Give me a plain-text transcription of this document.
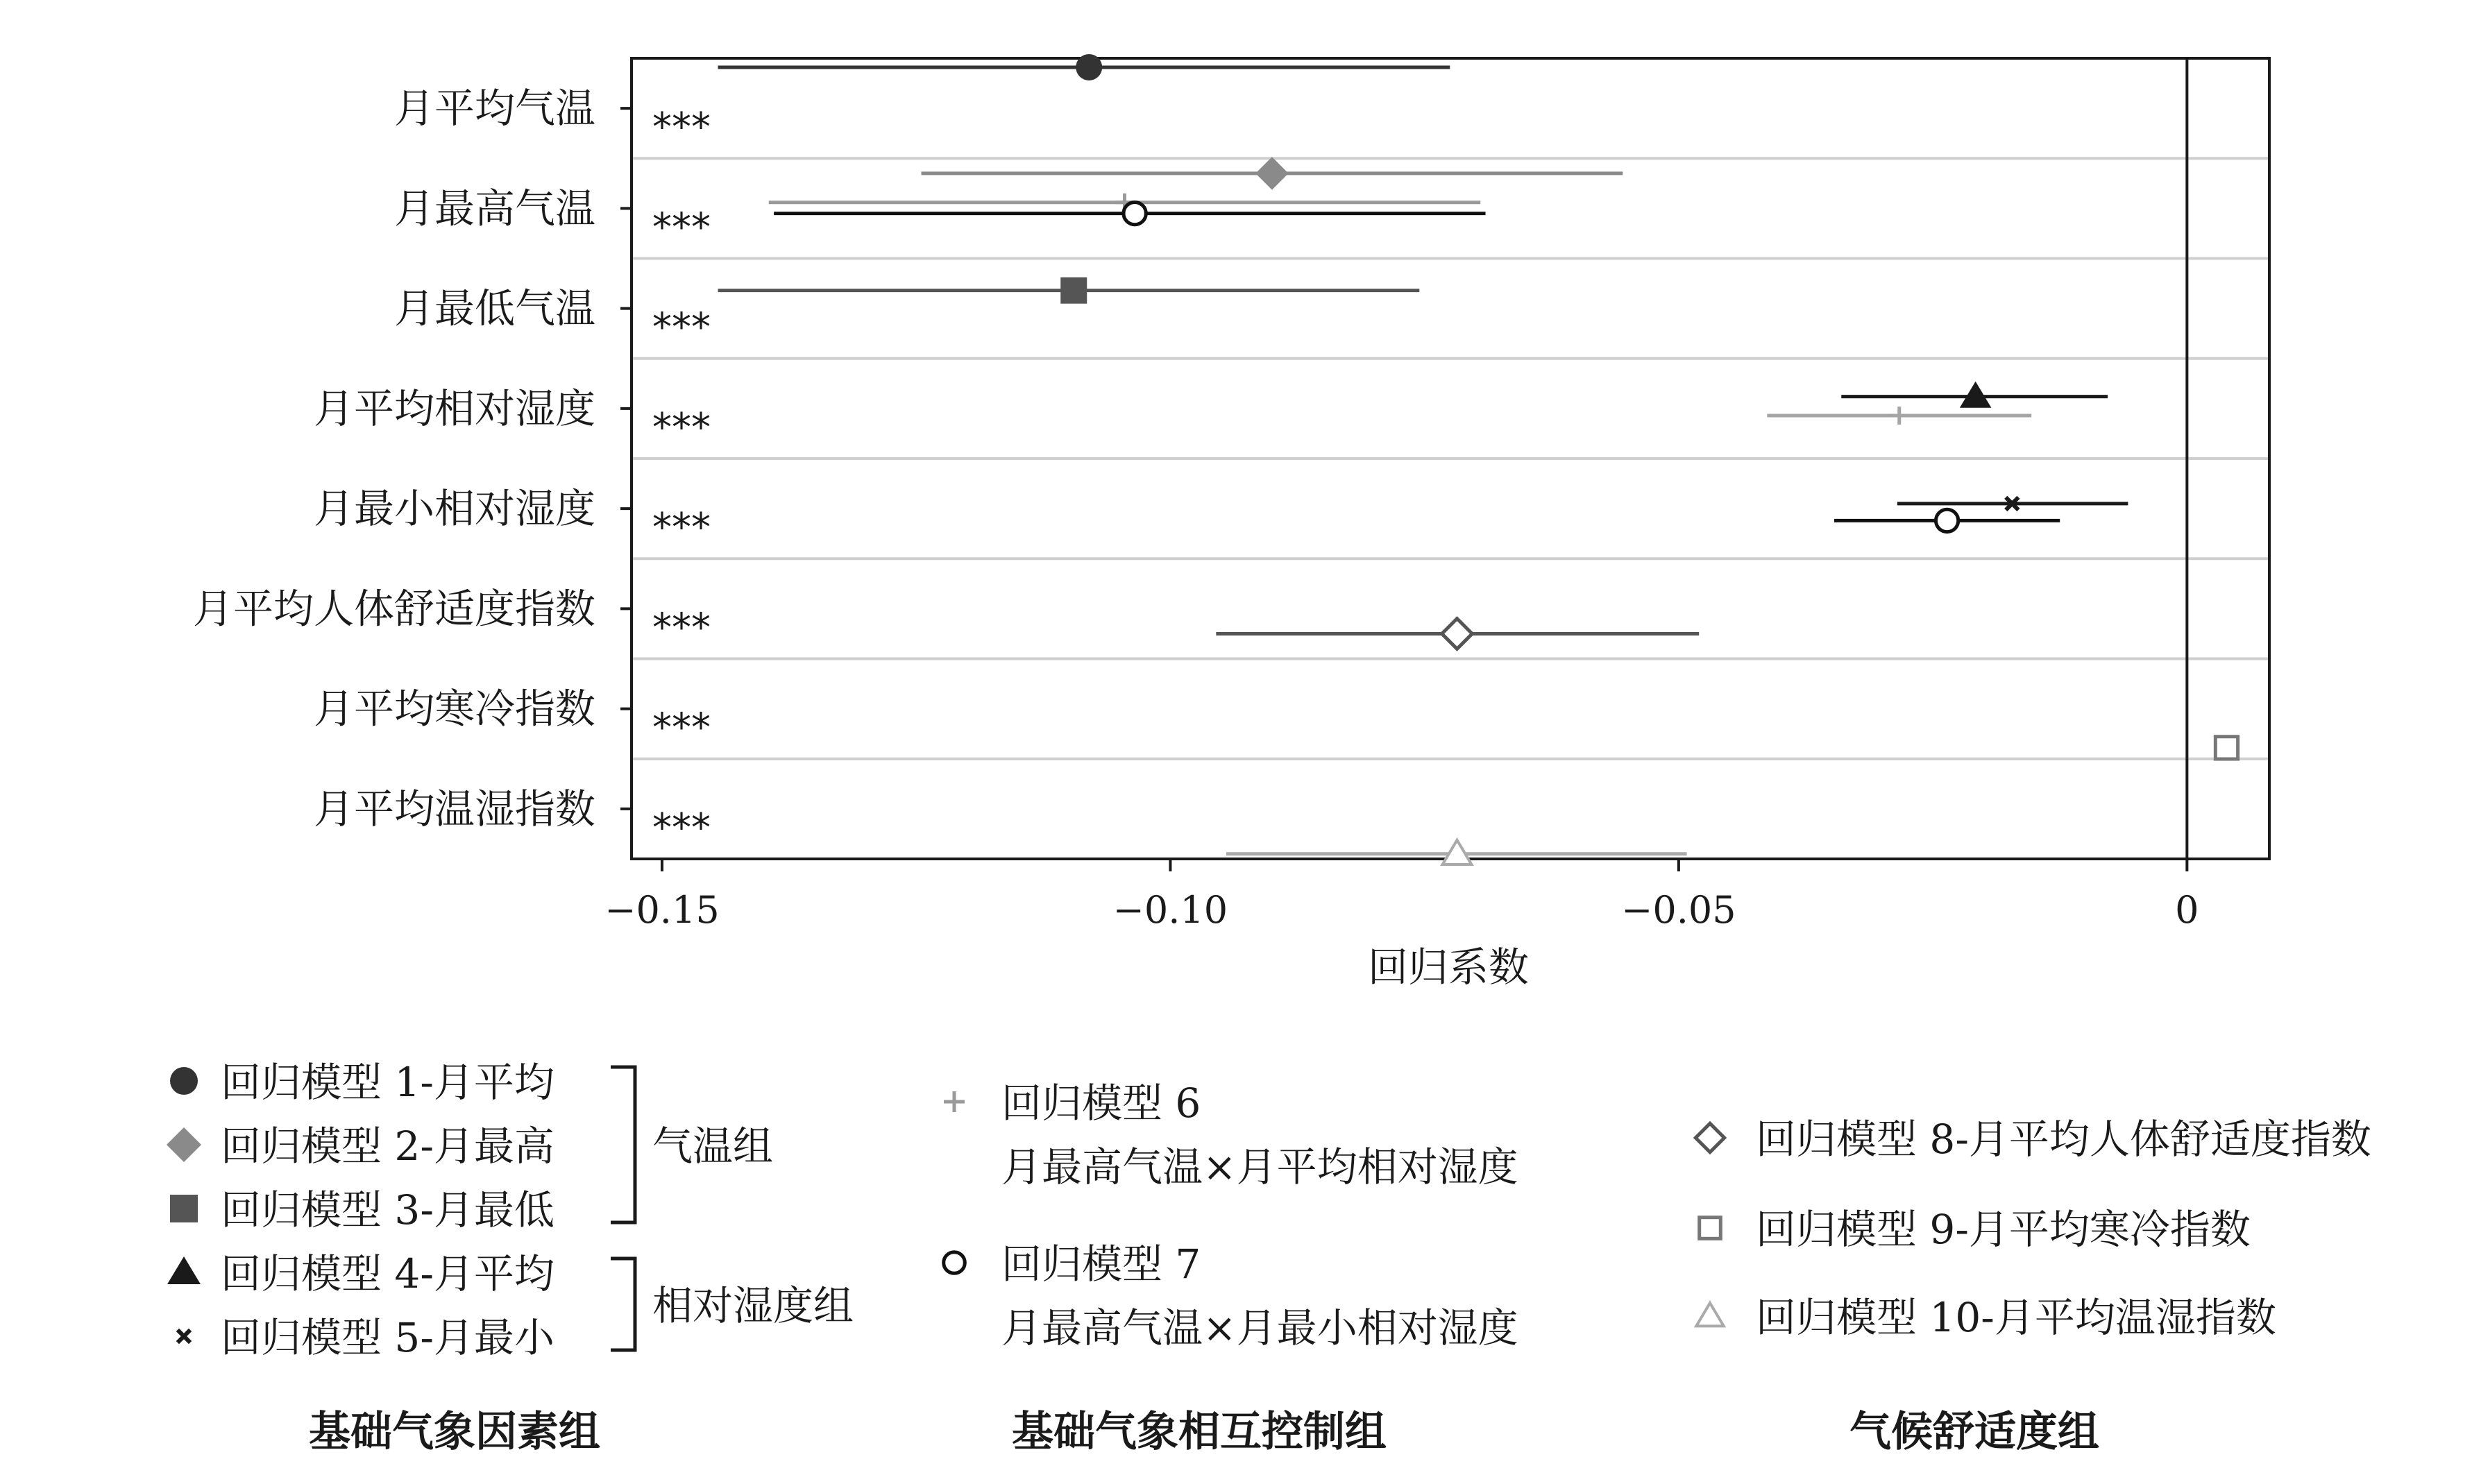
月平均气温
月最高气温
月最低气温
月平均相对湿度
月最小相对湿度
月平均人体舒适度指数
月平均寒冷指数
月平均温湿指数
***
***
***
***
***
***
***
***
−0.15	−0.10	−0.05	0
回归系数
回归模型 1-月平均
回归模型 2-月最高
回归模型 3-月最低
回归模型 4-月平均
回归模型 5-月最小
气温组
相对湿度组
基础气象因素组
回归模型 6
月最高气温×月平均相对湿度
回归模型 7
月最高气温×月最小相对湿度
基础气象相互控制组
回归模型 8-月平均人体舒适度指数
回归模型 9-月平均寒冷指数
回归模型 10-月平均温湿指数
气候舒适度组
